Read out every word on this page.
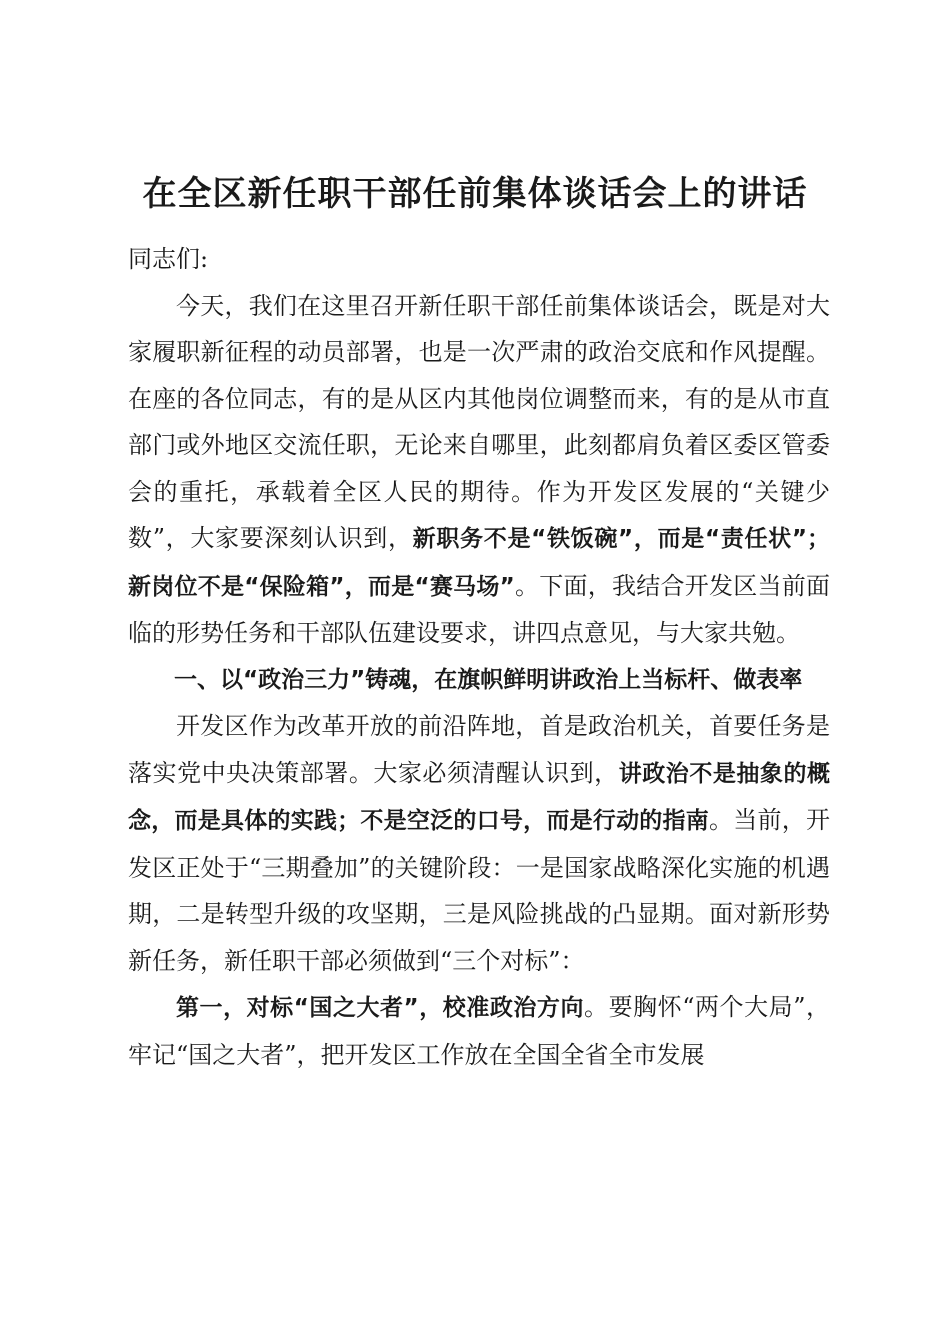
在全区新任职干部任前集体谈话会上的讲话

同志们:

今天，我们在这里召开新任职干部任前集体谈话会，既是对大家履职新征程的动员部署，也是一次严肃的政治交底和作风提醒。在座的各位同志，有的是从区内其他岗位调整而来，有的是从市直部门或外地区交流任职，无论来自哪里，此刻都肩负着区委区管委会的重托，承载着全区人民的期待。作为开发区发展的“关键少数”，大家要深刻认识到，新职务不是“铁饭碗”，而是“责任状”；新岗位不是“保险箱”，而是“赛马场”。下面，我结合开发区当前面临的形势任务和干部队伍建设要求，讲四点意见，与大家共勉。

一、以“政治三力”铸魂，在旗帜鲜明讲政治上当标杆、做表率

开发区作为改革开放的前沿阵地，首是政治机关，首要任务是落实党中央决策部署。大家必须清醒认识到，讲政治不是抽象的概念，而是具体的实践；不是空泛的口号，而是行动的指南。当前，开发区正处于“三期叠加”的关键阶段：一是国家战略深化实施的机遇期，二是转型升级的攻坚期，三是风险挑战的凸显期。面对新形势新任务，新任职干部必须做到“三个对标”：

第一，对标“国之大者”，校准政治方向。要胸怀“两个大局”，牢记“国之大者”，把开发区工作放在全国全省全市发展
